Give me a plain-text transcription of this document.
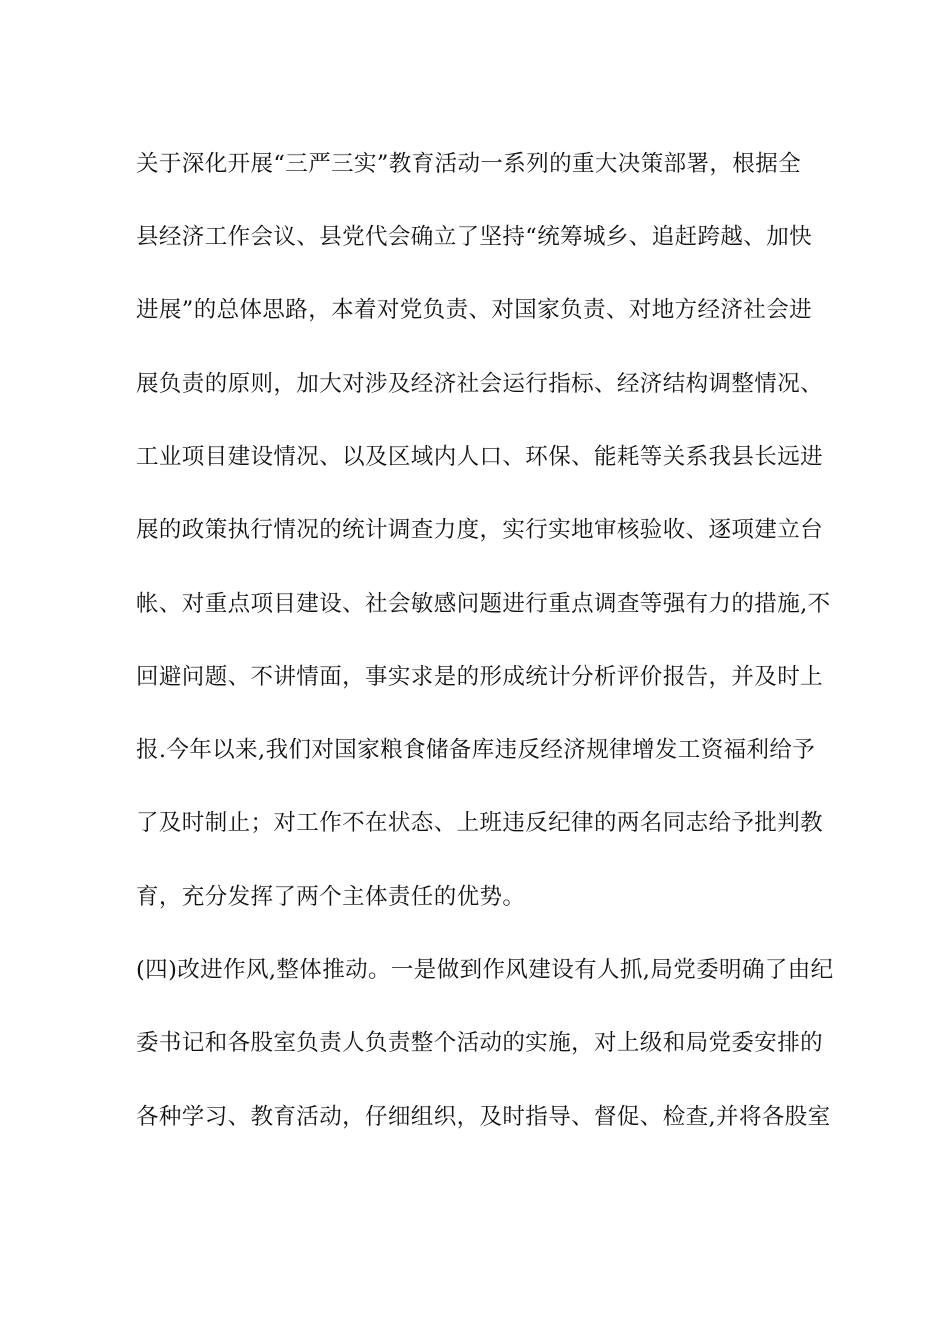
关于深化开展“三严三实”教育活动一系列的重大决策部署，根据全
县经济工作会议、县党代会确立了坚持“统筹城乡、追赶跨越、加快
进展”的总体思路，本着对党负责、对国家负责、对地方经济社会进
展负责的原则，加大对涉及经济社会运行指标、经济结构调整情况、
工业项目建设情况、以及区域内人口、环保、能耗等关系我县长远进
展的政策执行情况的统计调查力度，实行实地审核验收、逐项建立台
帐、对重点项目建设、社会敏感问题进行重点调查等强有力的措施,不
回避问题、不讲情面，事实求是的形成统计分析评价报告，并及时上
报.今年以来,我们对国家粮食储备库违反经济规律增发工资福利给予
了及时制止；对工作不在状态、上班违反纪律的两名同志给予批判教
育，充分发挥了两个主体责任的优势。
(四)改进作风,整体推动。一是做到作风建设有人抓,局党委明确了由纪
委书记和各股室负责人负责整个活动的实施，对上级和局党委安排的
各种学习、教育活动，仔细组织，及时指导、督促、检查,并将各股室
